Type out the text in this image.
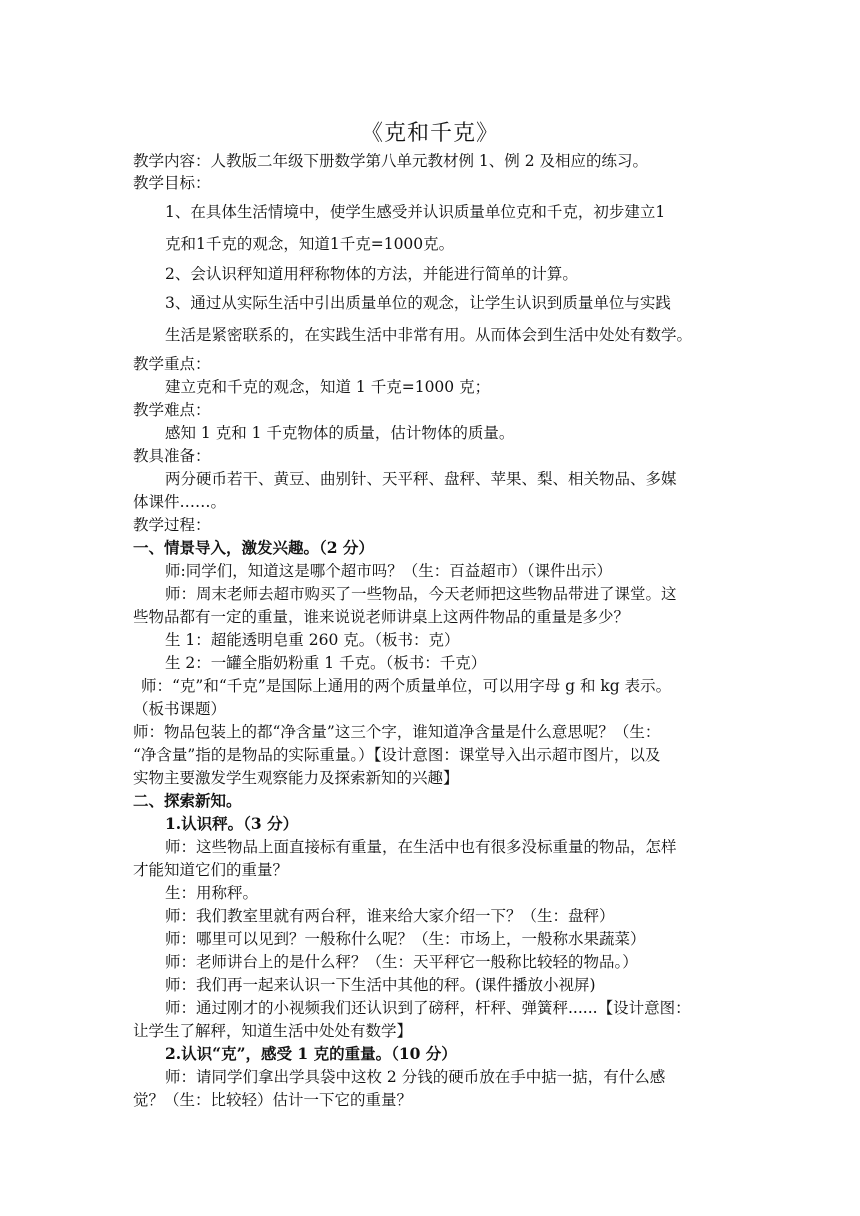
《克和千克》
教学内容：人教版二年级下册数学第八单元教材例 1、例 2 及相应的练习。
教学目标：
1、在具体生活情境中，使学生感受并认识质量单位克和千克，初步建立1
克和1千克的观念，知道1千克=1000克。
2、会认识秤知道用秤称物体的方法，并能进行简单的计算。
3、通过从实际生活中引出质量单位的观念，让学生认识到质量单位与实践
生活是紧密联系的，在实践生活中非常有用。从而体会到生活中处处有数学。
教学重点：
建立克和千克的观念，知道 1 千克=1000 克；
教学难点：
感知 1 克和 1 千克物体的质量，估计物体的质量。
教具准备：
两分硬币若干、黄豆、曲别针、天平秤、盘秤、苹果、梨、相关物品、多媒
体课件……。
教学过程：
一、情景导入，激发兴趣。（2 分）
师:同学们，知道这是哪个超市吗？（生：百益超市）（课件出示）
师：周末老师去超市购买了一些物品，今天老师把这些物品带进了课堂。这
些物品都有一定的重量，谁来说说老师讲桌上这两件物品的重量是多少？
生 1：超能透明皂重 260 克。（板书：克）
生 2：一罐全脂奶粉重 1 千克。（板书：千克）
师：“克”和“千克”是国际上通用的两个质量单位，可以用字母 g 和 kg 表示。
（板书课题）
师：物品包装上的都“净含量”这三个字，谁知道净含量是什么意思呢？（生：
“净含量”指的是物品的实际重量。）【设计意图：课堂导入出示超市图片，以及
实物主要激发学生观察能力及探索新知的兴趣】
二、探索新知。
1.认识秤。（3 分）
师：这些物品上面直接标有重量，在生活中也有很多没标重量的物品，怎样
才能知道它们的重量？
生：用称秤。
师：我们教室里就有两台秤，谁来给大家介绍一下？（生：盘秤）
师：哪里可以见到？一般称什么呢？（生：市场上，一般称水果蔬菜）
师：老师讲台上的是什么秤？（生：天平秤它一般称比较轻的物品。）
师：我们再一起来认识一下生活中其他的秤。(课件播放小视屏)
师：通过刚才的小视频我们还认识到了磅秤，杆秤、弹簧秤......【设计意图：
让学生了解秤，知道生活中处处有数学】
2.认识“克”，感受 1 克的重量。（10 分）
师：请同学们拿出学具袋中这枚 2 分钱的硬币放在手中掂一掂，有什么感
觉？（生：比较轻）估计一下它的重量？
